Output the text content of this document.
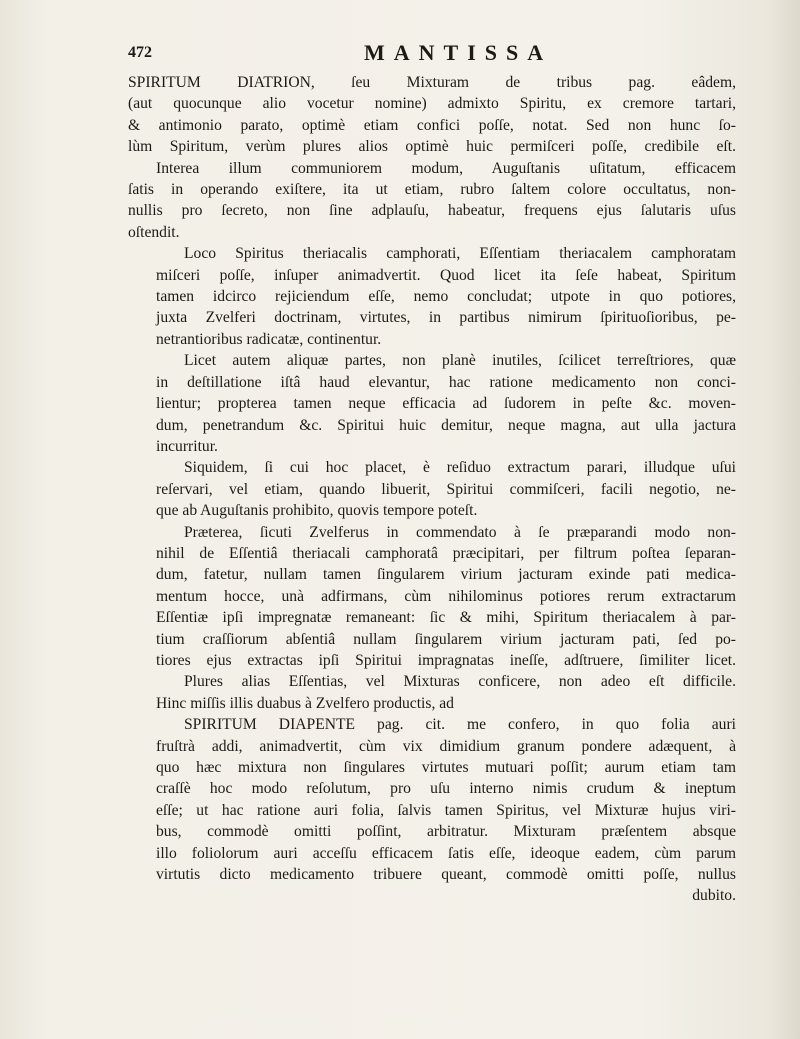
472	MANTISSA

SPIRITUM DIATRION, ſeu Mixturam de tribus pag. eâdem,
(aut quocunque alio vocetur nomine) admixto Spiritu, ex cremore tartari,
& antimonio parato, optimè etiam confici poſſe, notat. Sed non hunc ſo-
lùm Spiritum, verùm plures alios optimè huic permiſceri poſſe, credibile eſt.
Interea illum communiorem modum, Auguſtanis uſitatum, efficacem
ſatis in operando exiſtere, ita ut etiam, rubro ſaltem colore occultatus, non-
nullis pro ſecreto, non ſine adplauſu, habeatur, frequens ejus ſalutaris uſus
oſtendit.

Loco Spiritus theriacalis camphorati, Eſſentiam theriacalem camphoratam
miſceri poſſe, inſuper animadvertit. Quod licet ita ſeſe habeat, Spiritum
tamen idcirco rejiciendum eſſe, nemo concludat; utpote in quo potiores,
juxta Zvelferi doctrinam, virtutes, in partibus nimirum ſpirituoſioribus, pe-
netrantioribus radicatæ, continentur.

Licet autem aliquæ partes, non planè inutiles, ſcilicet terreſtriores, quæ
in deſtillatione iſtâ haud elevantur, hac ratione medicamento non conci-
lientur; propterea tamen neque efficacia ad ſudorem in peſte &c. moven-
dum, penetrandum &c. Spiritui huic demitur, neque magna, aut ulla jactura
incurritur.

Siquidem, ſi cui hoc placet, è reſiduo extractum parari, illudque uſui
reſervari, vel etiam, quando libuerit, Spiritui commiſceri, facili negotio, ne-
que ab Auguſtanis prohibito, quovis tempore poteſt.

Præterea, ſicuti Zvelferus in commendato à ſe præparandi modo non-
nihil de Eſſentiâ theriacali camphoratâ præcipitari, per filtrum poſtea ſeparan-
dum, fatetur, nullam tamen ſingularem virium jacturam exinde pati medica-
mentum hocce, unà adfirmans, cùm nihilominus potiores rerum extractarum
Eſſentiæ ipſi impregnatæ remaneant: ſic & mihi, Spiritum theriacalem à par-
tium craſſiorum abſentiâ nullam ſingularem virium jacturam pati, ſed po-
tiores ejus extractas ipſi Spiritui impragnatas ineſſe, adſtruere, ſimiliter licet.

Plures alias Eſſentias, vel Mixturas conficere, non adeo eſt difficile.
Hinc miſſis illis duabus à Zvelfero productis, ad

SPIRITUM DIAPENTE pag. cit. me confero, in quo folia auri
fruſtrà addi, animadvertit, cùm vix dimidium granum pondere adæquent, à
quo hæc mixtura non ſingulares virtutes mutuari poſſit; aurum etiam tam
craſſè hoc modo reſolutum, pro uſu interno nimis crudum & ineptum
eſſe; ut hac ratione auri folia, ſalvis tamen Spiritus, vel Mixturæ hujus viri-
bus, commodè omitti poſſint, arbitratur. Mixturam præſentem absque
illo foliolorum auri acceſſu efficacem ſatis eſſe, ideoque eadem, cùm parum
virtutis dicto medicamento tribuere queant, commodè omitti poſſe, nullus
dubito.
